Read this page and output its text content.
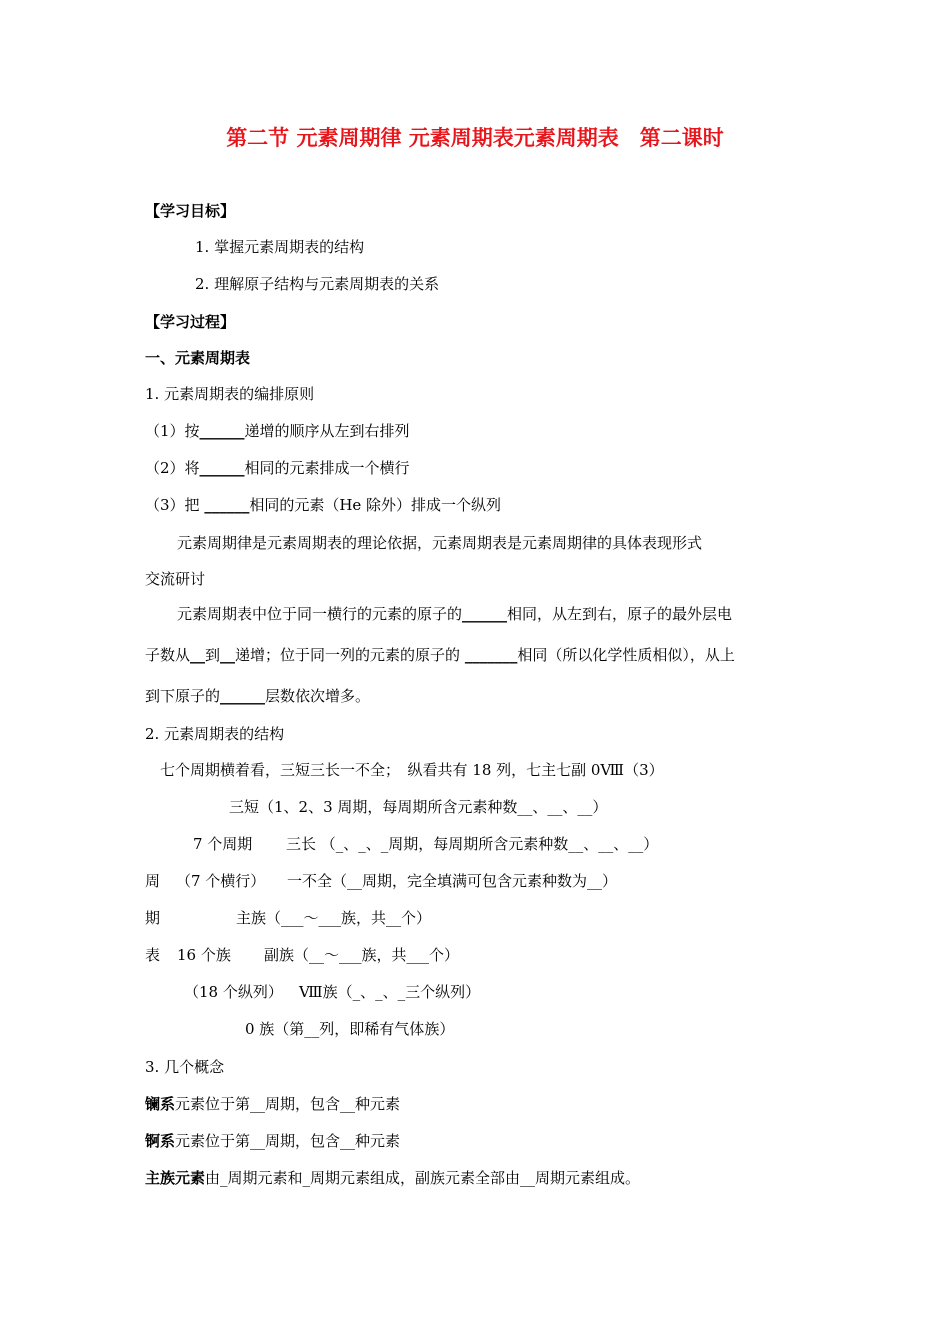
第二节 元素周期律 元素周期表元素周期表　第二课时
【学习目标】
1. 掌握元素周期表的结构
2. 理解原子结构与元素周期表的关系
【学习过程】
一、元素周期表
1. 元素周期表的编排原则
（1）按______递增的顺序从左到右排列
（2）将______相同的元素排成一个横行
（3）把 ______相同的元素（He 除外）排成一个纵列
元素周期律是元素周期表的理论依据，元素周期表是元素周期律的具体表现形式
交流研讨
元素周期表中位于同一横行的元素的原子的______相同，从左到右，原子的最外层电
子数从__到__递增；位于同一列的元素的原子的 _______相同（所以化学性质相似），从上
到下原子的______层数依次增多。
2. 元素周期表的结构
七个周期横着看，三短三长一不全；　纵看共有 18 列，七主七副 0Ⅷ（3）
三短（1、2、3 周期，每周期所含元素种数__、__、__）
7 个周期 三长 （_、_、_周期，每周期所含元素种数__、__、__）
周 （7 个横行） 一不全（__周期，完全填满可包含元素种数为__）
期	主族（___～___族，共__个）
表 16 个族 副族（__～___族，共___个）
（18 个纵列） Ⅷ族（_、_、_三个纵列）
0 族（第__列，即稀有气体族）
3. 几个概念
镧系元素位于第__周期，包含__种元素
锕系元素位于第__周期，包含__种元素
主族元素由_周期元素和_周期元素组成，副族元素全部由__周期元素组成。
